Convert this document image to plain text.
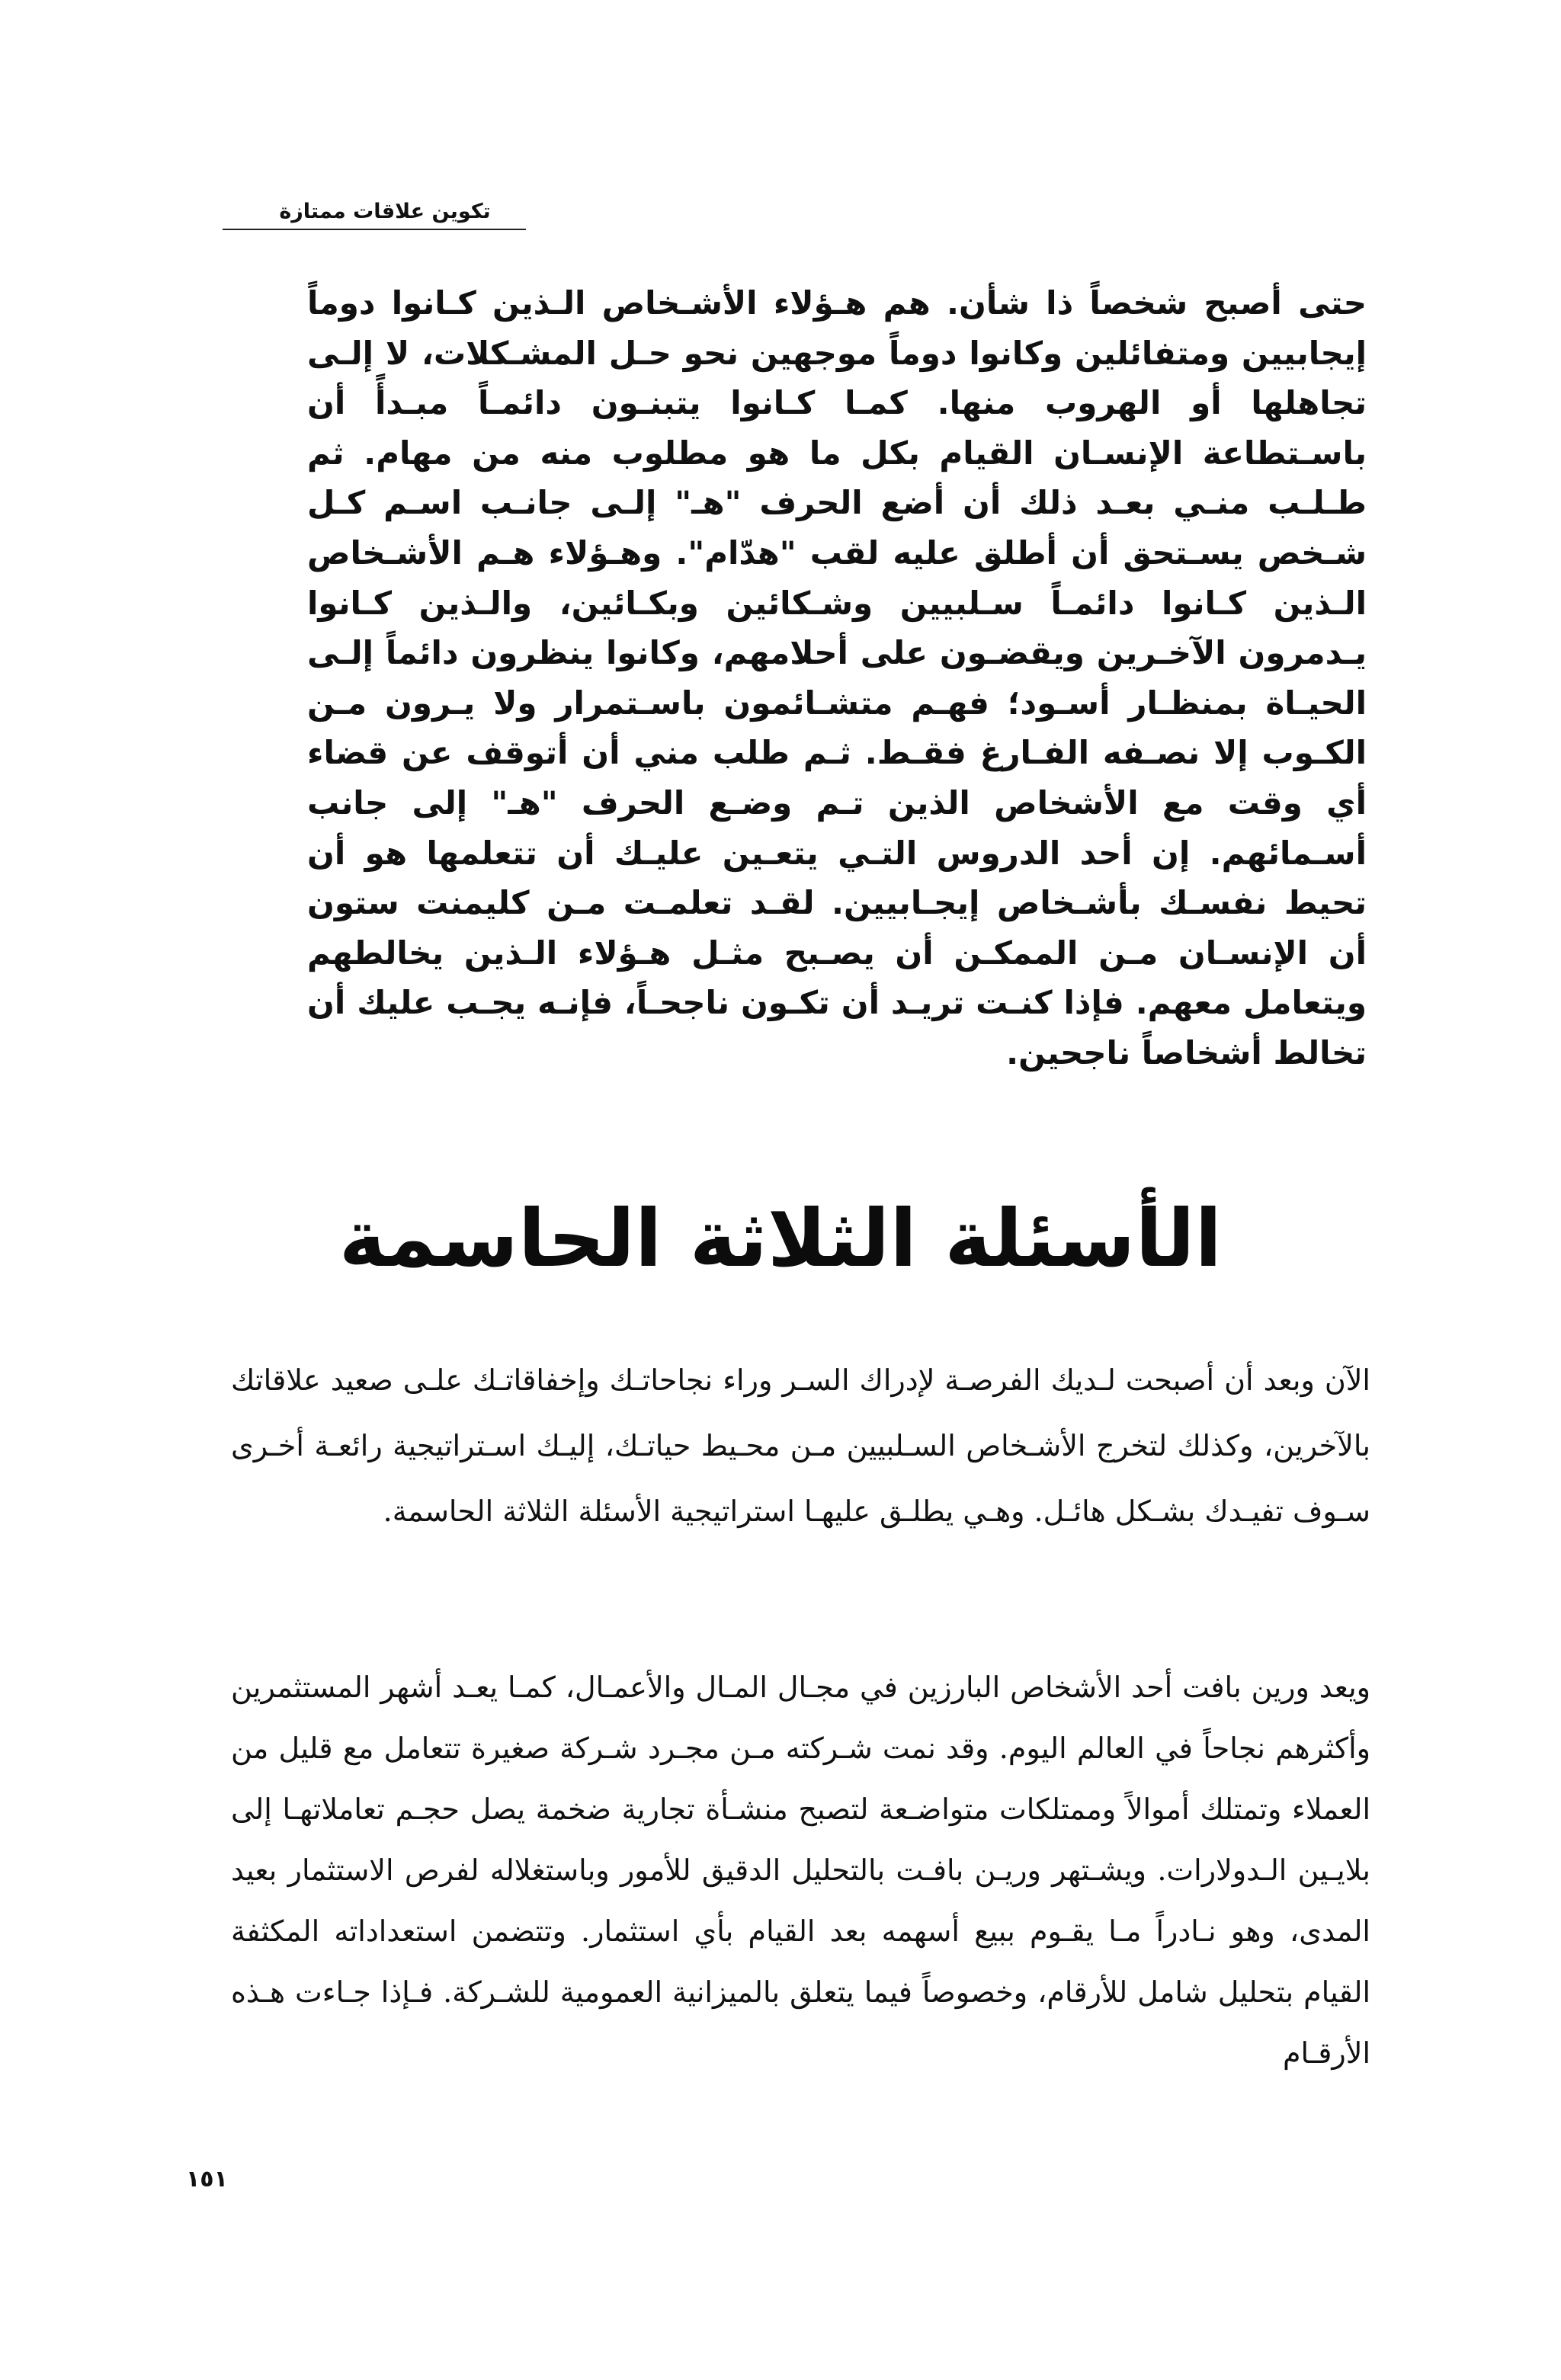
تكوين علاقات ممتازة

حتى أصبح شخصاً ذا شأن. هم هـؤلاء الأشـخاص الـذين كـانوا دوماً إيجابيين ومتفائلين وكانوا دوماً موجهين نحو حـل المشـكلات، لا إلـى تجاهلها أو الهروب منها. كمـا كـانوا يتبنـون دائمـاً مبـدأً أن باسـتطاعة الإنسـان القيام بكل ما هو مطلوب منه من مهام. ثم طـلـب منـي بعـد ذلك أن أضع الحرف "هـ" إلـى جانـب اسـم كـل شـخص يسـتحق أن أطلق عليه لقب "هدّام". وهـؤلاء هـم الأشـخاص الـذين كـانوا دائمـاً سـلبيين وشـكائين وبكـائين، والـذين كـانوا يـدمرون الآخـرين ويقضـون على أحلامهم، وكانوا ينظرون دائماً إلـى الحيـاة بمنظـار أسـود؛ فهـم متشـائمون باسـتمرار ولا يـرون مـن الكـوب إلا نصـفه الفـارغ فقـط. ثـم طلب مني أن أتوقف عن قضاء أي وقت مع الأشخاص الذين تـم وضـع الحرف "هـ" إلى جانب أسـمائهم. إن أحد الدروس التـي يتعـين عليـك أن تتعلمها هو أن تحيط نفسـك بأشـخاص إيجـابيين. لقـد تعلمـت مـن كليمنت ستون أن الإنسـان مـن الممكـن أن يصـبح مثـل هـؤلاء الـذين يخالطهم ويتعامل معهم. فإذا كنـت تريـد أن تكـون ناجحـاً، فإنـه يجـب عليك أن تخالط أشخاصاً ناجحين.

الأسئلة الثلاثة الحاسمة

الآن وبعد أن أصبحت لـديك الفرصـة لإدراك السـر وراء نجاحاتـك وإخفاقاتـك علـى صعيد علاقاتك بالآخرين، وكذلك لتخرج الأشـخاص السـلبيين مـن محـيط حياتـك، إليـك اسـتراتيجية رائعـة أخـرى سـوف تفيـدك بشـكل هائـل. وهـي يطلـق عليهـا استراتيجية الأسئلة الثلاثة الحاسمة.

ويعد ورين بافت أحد الأشخاص البارزين في مجـال المـال والأعمـال، كمـا يعـد أشهر المستثمرين وأكثرهم نجاحاً في العالم اليوم. وقد نمت شـركته مـن مجـرد شـركة صغيرة تتعامل مع قليل من العملاء وتمتلك أموالاً وممتلكات متواضـعة لتصبح منشـأة تجارية ضخمة يصل حجـم تعاملاتهـا إلى بلايـين الـدولارات. ويشـتهر وريـن بافـت بالتحليل الدقيق للأمور وباستغلاله لفرص الاستثمار بعيد المدى، وهو نـادراً مـا يقـوم ببيع أسهمه بعد القيام بأي استثمار. وتتضمن استعداداته المكثفة القيام بتحليل شامل للأرقام، وخصوصاً فيما يتعلق بالميزانية العمومية للشـركة. فـإذا جـاءت هـذه الأرقـام

١٥١
